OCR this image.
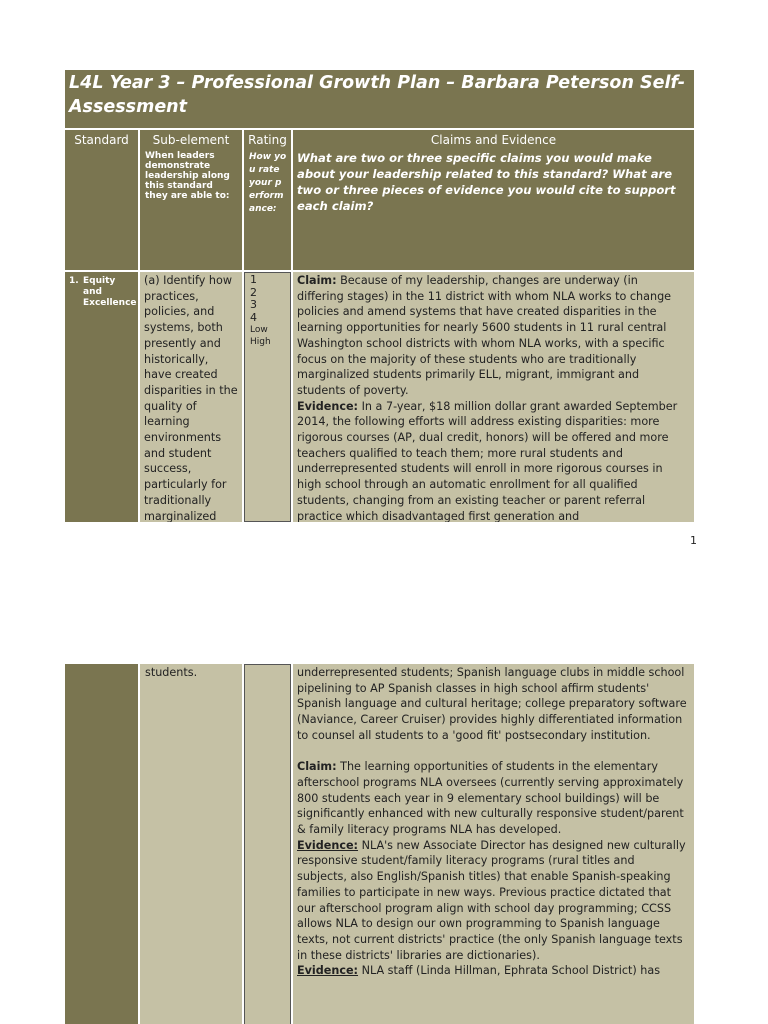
L4L Year 3 – Professional Growth Plan – Barbara Peterson Self-Assessment
Standard	Sub-element
When leaders demonstrate leadership along this standard they are able to:
Rating
How you rate your performance:
Claims and Evidence
What are two or three specific claims you would make about your leadership related to this standard? What are two or three pieces of evidence you would cite to support each claim?
1. Equity and Excellence
(a) Identify how practices, policies, and systems, both presently and historically, have created disparities in the quality of learning environments and student success, particularly for traditionally marginalized
1
2
3
4
Low
High
Claim: Because of my leadership, changes are underway (in differing stages) in the 11 district with whom NLA works to change policies and amend systems that have created disparities in the learning opportunities for nearly 5600 students in 11 rural central Washington school districts with whom NLA works, with a specific focus on the majority of these students who are traditionally marginalized students primarily ELL, migrant, immigrant and students of poverty.
Evidence: In a 7-year, $18 million dollar grant awarded September 2014, the following efforts will address existing disparities: more rigorous courses (AP, dual credit, honors) will be offered and more teachers qualified to teach them; more rural students and underrepresented students will enroll in more rigorous courses in high school through an automatic enrollment for all qualified students, changing from an existing teacher or parent referral practice which disadvantaged first generation and
1
students.	underrepresented students; Spanish language clubs in middle school pipelining to AP Spanish classes in high school affirm students' Spanish language and cultural heritage; college preparatory software (Naviance, Career Cruiser) provides highly differentiated information to counsel all students to a 'good fit' postsecondary institution.
Claim: The learning opportunities of students in the elementary afterschool programs NLA oversees (currently serving approximately 800 students each year in 9 elementary school buildings) will be significantly enhanced with new culturally responsive student/parent & family literacy programs NLA has developed.
Evidence: NLA's new Associate Director has designed new culturally responsive student/family literacy programs (rural titles and subjects, also English/Spanish titles) that enable Spanish-speaking families to participate in new ways. Previous practice dictated that our afterschool program align with school day programming; CCSS allows NLA to design our own programming to Spanish language texts, not current districts' practice (the only Spanish language texts in these districts' libraries are dictionaries).
Evidence: NLA staff (Linda Hillman, Ephrata School District) has
